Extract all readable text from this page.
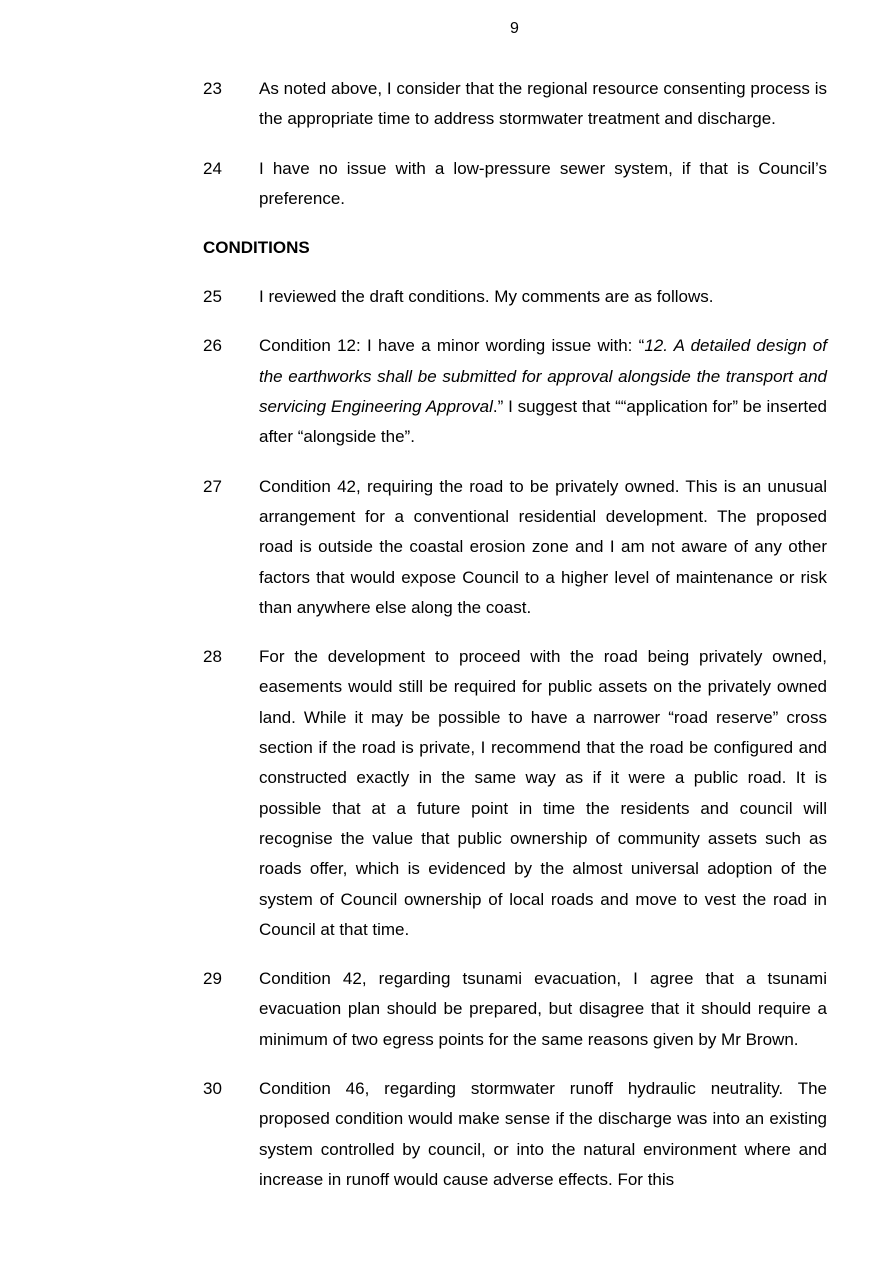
9
23	As noted above, I consider that the regional resource consenting process is the appropriate time to address stormwater treatment and discharge.
24	I have no issue with a low-pressure sewer system, if that is Council’s preference.
CONDITIONS
25	I reviewed the draft conditions. My comments are as follows.
26	Condition 12: I have a minor wording issue with: “12. A detailed design of the earthworks shall be submitted for approval alongside the transport and servicing Engineering Approval.” I suggest that ““application for” be inserted after “alongside the”.
27	Condition 42, requiring the road to be privately owned. This is an unusual arrangement for a conventional residential development. The proposed road is outside the coastal erosion zone and I am not aware of any other factors that would expose Council to a higher level of maintenance or risk than anywhere else along the coast.
28	For the development to proceed with the road being privately owned, easements would still be required for public assets on the privately owned land. While it may be possible to have a narrower “road reserve” cross section if the road is private, I recommend that the road be configured and constructed exactly in the same way as if it were a public road. It is possible that at a future point in time the residents and council will recognise the value that public ownership of community assets such as roads offer, which is evidenced by the almost universal adoption of the system of Council ownership of local roads and move to vest the road in Council at that time.
29	Condition 42, regarding tsunami evacuation, I agree that a tsunami evacuation plan should be prepared, but disagree that it should require a minimum of two egress points for the same reasons given by Mr Brown.
30	Condition 46, regarding stormwater runoff hydraulic neutrality. The proposed condition would make sense if the discharge was into an existing system controlled by council, or into the natural environment where and increase in runoff would cause adverse effects. For this
